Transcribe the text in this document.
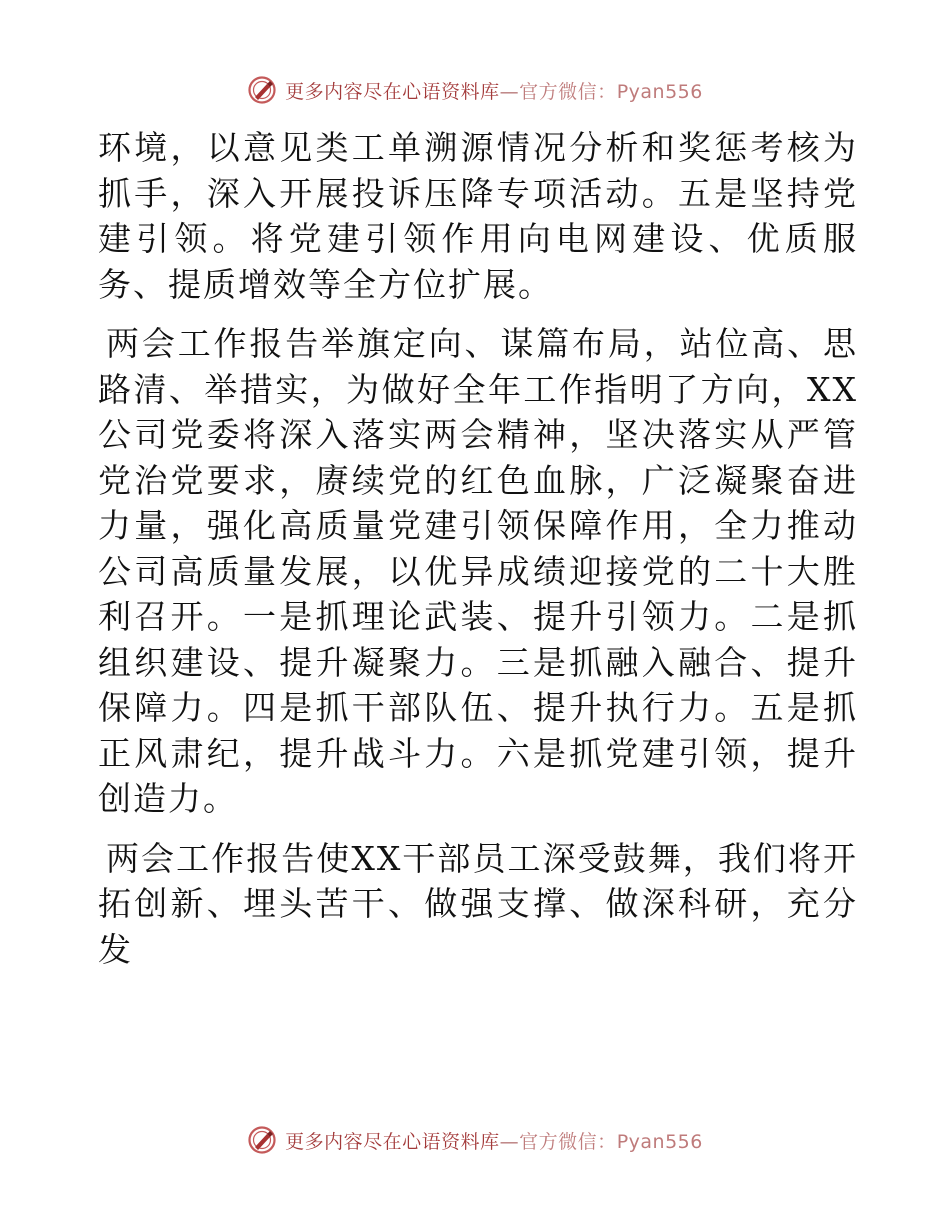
更多内容尽在心语资料库—官方微信：Pyan556

环境，以意见类工单溯源情况分析和奖惩考核为抓手，深入开展投诉压降专项活动。五是坚持党建引领。将党建引领作用向电网建设、优质服务、提质增效等全方位扩展。

两会工作报告举旗定向、谋篇布局，站位高、思路清、举措实，为做好全年工作指明了方向，XX公司党委将深入落实两会精神，坚决落实从严管党治党要求，赓续党的红色血脉，广泛凝聚奋进力量，强化高质量党建引领保障作用，全力推动公司高质量发展，以优异成绩迎接党的二十大胜利召开。一是抓理论武装、提升引领力。二是抓组织建设、提升凝聚力。三是抓融入融合、提升保障力。四是抓干部队伍、提升执行力。五是抓正风肃纪，提升战斗力。六是抓党建引领，提升创造力。

两会工作报告使XX干部员工深受鼓舞，我们将开拓创新、埋头苦干、做强支撑、做深科研，充分发

更多内容尽在心语资料库—官方微信：Pyan556
